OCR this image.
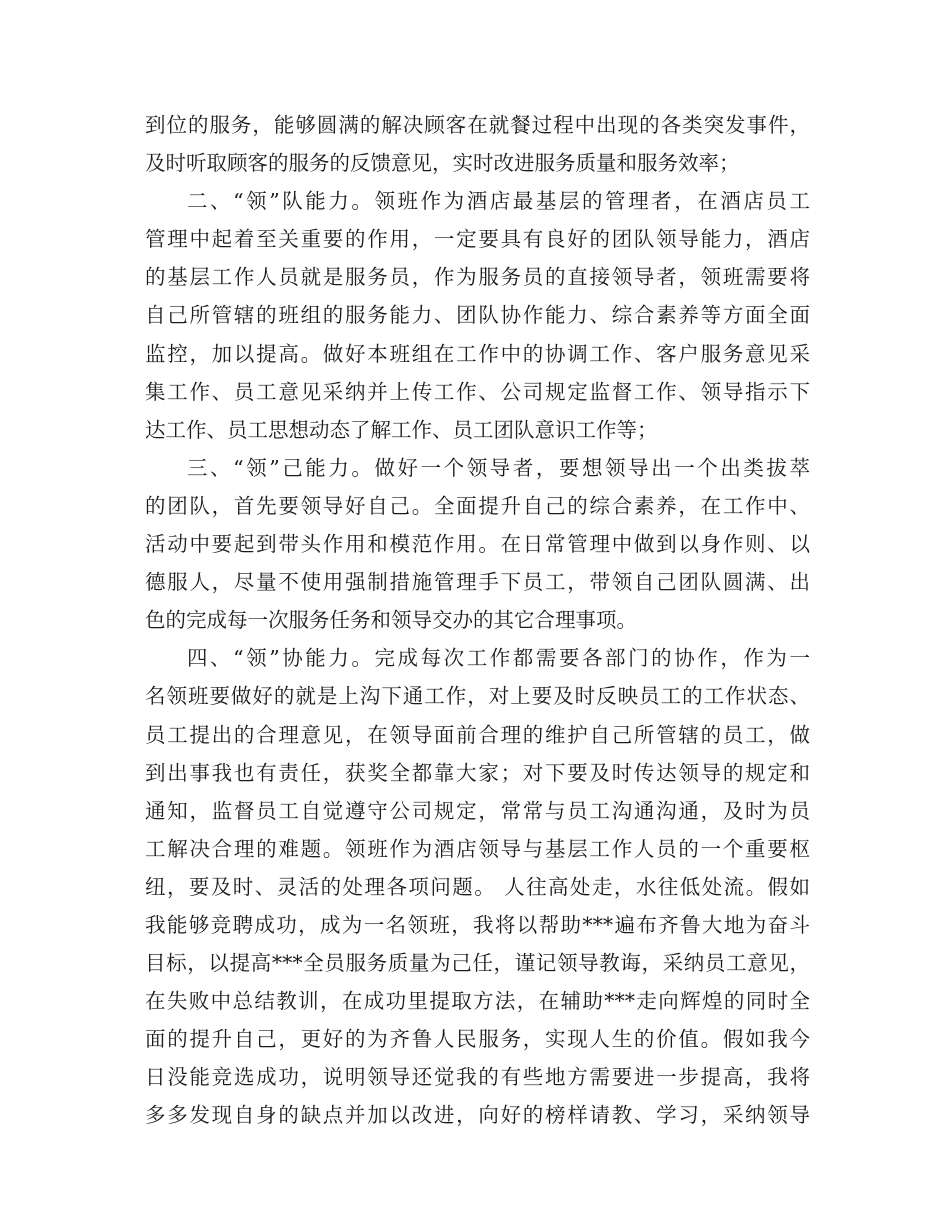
到位的服务，能够圆满的解决顾客在就餐过程中出现的各类突发事件，
及时听取顾客的服务的反馈意见，实时改进服务质量和服务效率；
二、“领”队能力。领班作为酒店最基层的管理者，在酒店员工
管理中起着至关重要的作用，一定要具有良好的团队领导能力，酒店
的基层工作人员就是服务员，作为服务员的直接领导者，领班需要将
自己所管辖的班组的服务能力、团队协作能力、综合素养等方面全面
监控，加以提高。做好本班组在工作中的协调工作、客户服务意见采
集工作、员工意见采纳并上传工作、公司规定监督工作、领导指示下
达工作、员工思想动态了解工作、员工团队意识工作等；
三、“领”己能力。做好一个领导者，要想领导出一个出类拔萃
的团队，首先要领导好自己。全面提升自己的综合素养，在工作中、
活动中要起到带头作用和模范作用。在日常管理中做到以身作则、以
德服人，尽量不使用强制措施管理手下员工，带领自己团队圆满、出
色的完成每一次服务任务和领导交办的其它合理事项。
四、“领”协能力。完成每次工作都需要各部门的协作，作为一
名领班要做好的就是上沟下通工作，对上要及时反映员工的工作状态、
员工提出的合理意见，在领导面前合理的维护自己所管辖的员工，做
到出事我也有责任，获奖全都靠大家；对下要及时传达领导的规定和
通知，监督员工自觉遵守公司规定，常常与员工沟通沟通，及时为员
工解决合理的难题。领班作为酒店领导与基层工作人员的一个重要枢
纽，要及时、灵活的处理各项问题。 人往高处走，水往低处流。假如
我能够竞聘成功，成为一名领班，我将以帮助***遍布齐鲁大地为奋斗
目标，以提高***全员服务质量为己任，谨记领导教诲，采纳员工意见，
在失败中总结教训，在成功里提取方法，在辅助***走向辉煌的同时全
面的提升自己，更好的为齐鲁人民服务，实现人生的价值。假如我今
日没能竞选成功，说明领导还觉我的有些地方需要进一步提高，我将
多多发现自身的缺点并加以改进，向好的榜样请教、学习，采纳领导
